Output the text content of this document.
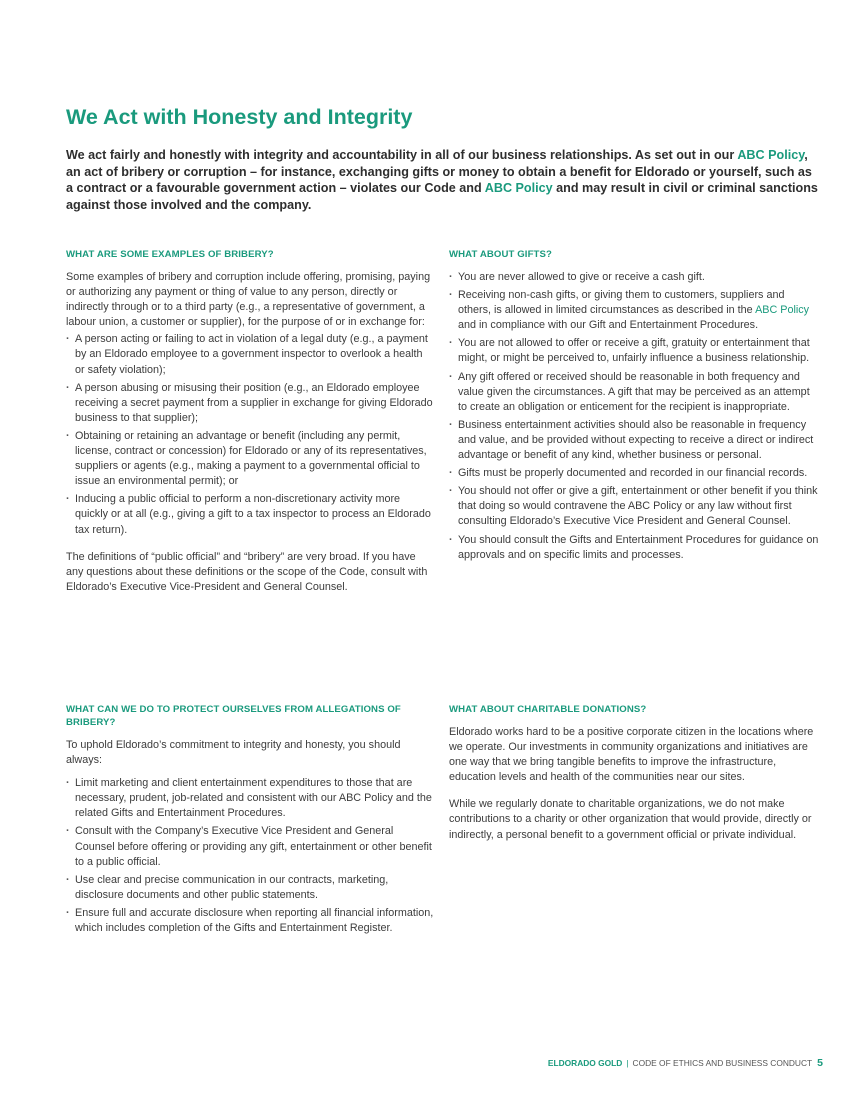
We Act with Honesty and Integrity

We act fairly and honestly with integrity and accountability in all of our business relationships. As set out in our ABC Policy, an act of bribery or corruption – for instance, exchanging gifts or money to obtain a benefit for Eldorado or yourself, such as a contract or a favourable government action – violates our Code and ABC Policy and may result in civil or criminal sanctions against those involved and the company.

WHAT ARE SOME EXAMPLES OF BRIBERY?

Some examples of bribery and corruption include offering, promising, paying or authorizing any payment or thing of value to any person, directly or indirectly through or to a third party (e.g., a representative of government, a labour union, a customer or supplier), for the purpose of or in exchange for:

· A person acting or failing to act in violation of a legal duty (e.g., a payment by an Eldorado employee to a government inspector to overlook a health or safety violation);
· A person abusing or misusing their position (e.g., an Eldorado employee receiving a secret payment from a supplier in exchange for giving Eldorado business to that supplier);
· Obtaining or retaining an advantage or benefit (including any permit, license, contract or concession) for Eldorado or any of its representatives, suppliers or agents (e.g., making a payment to a governmental official to issue an environmental permit); or
· Inducing a public official to perform a non-discretionary activity more quickly or at all (e.g., giving a gift to a tax inspector to process an Eldorado tax return).

The definitions of “public official” and “bribery” are very broad. If you have any questions about these definitions or the scope of the Code, consult with Eldorado’s Executive Vice-President and General Counsel.

WHAT ABOUT GIFTS?
· You are never allowed to give or receive a cash gift.
· Receiving non-cash gifts, or giving them to customers, suppliers and others, is allowed in limited circumstances as described in the ABC Policy and in compliance with our Gift and Entertainment Procedures.
· You are not allowed to offer or receive a gift, gratuity or entertainment that might, or might be perceived to, unfairly influence a business relationship.
· Any gift offered or received should be reasonable in both frequency and value given the circumstances. A gift that may be perceived as an attempt to create an obligation or enticement for the recipient is inappropriate.
· Business entertainment activities should also be reasonable in frequency and value, and be provided without expecting to receive a direct or indirect advantage or benefit of any kind, whether business or personal.
· Gifts must be properly documented and recorded in our financial records.
· You should not offer or give a gift, entertainment or other benefit if you think that doing so would contravene the ABC Policy or any law without first consulting Eldorado’s Executive Vice President and General Counsel.
· You should consult the Gifts and Entertainment Procedures for guidance on approvals and on specific limits and processes.
WHAT CAN WE DO TO PROTECT OURSELVES FROM ALLEGATIONS OF BRIBERY?

To uphold Eldorado’s commitment to integrity and honesty, you should always:

· Limit marketing and client entertainment expenditures to those that are necessary, prudent, job-related and consistent with our ABC Policy and the related Gifts and Entertainment Procedures.
· Consult with the Company’s Executive Vice President and General Counsel before offering or providing any gift, entertainment or other benefit to a public official.
· Use clear and precise communication in our contracts, marketing, disclosure documents and other public statements.
· Ensure full and accurate disclosure when reporting all financial information, which includes completion of the Gifts and Entertainment Register.
WHAT ABOUT CHARITABLE DONATIONS?

Eldorado works hard to be a positive corporate citizen in the locations where we operate. Our investments in community organizations and initiatives are one way that we bring tangible benefits to improve the infrastructure, education levels and health of the communities near our sites.

While we regularly donate to charitable organizations, we do not make contributions to a charity or other organization that would provide, directly or indirectly, a personal benefit to a government official or private individual.

ELDORADO GOLD | CODE OF ETHICS AND BUSINESS CONDUCT 5
